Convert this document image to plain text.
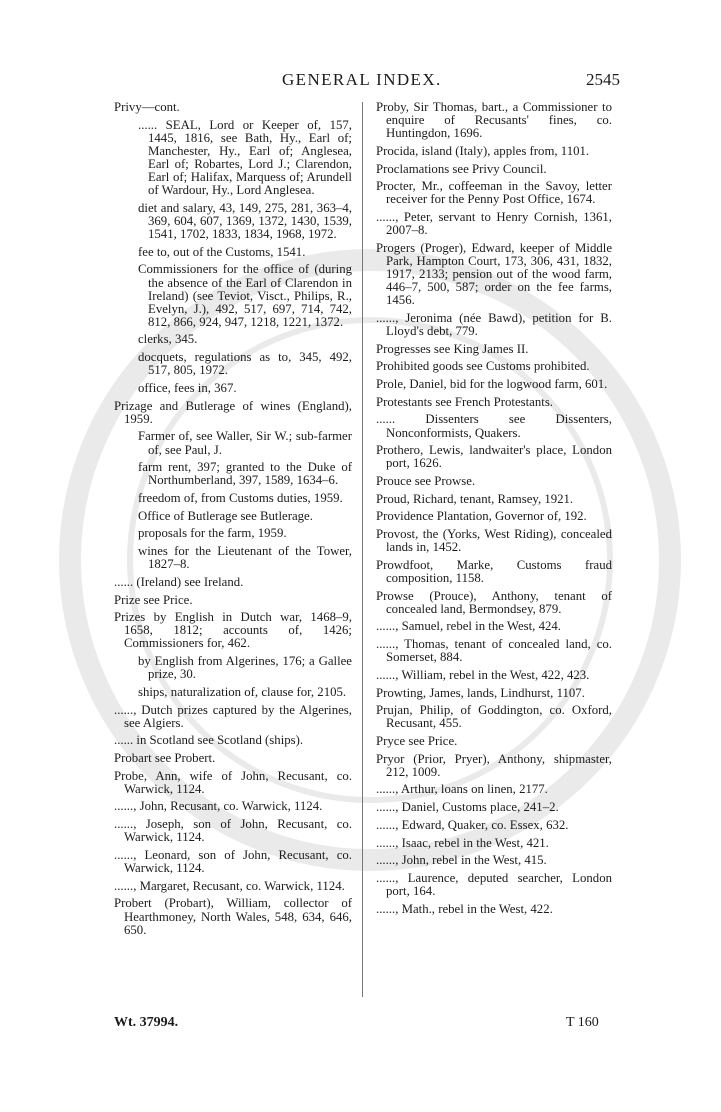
GENERAL INDEX.	2545

Privy—cont.

...... SEAL, Lord or Keeper of, 157, 1445, 1816, see Bath, Hy., Earl of; Manchester, Hy., Earl of; Anglesea, Earl of; Robartes, Lord J.; Clarendon, Earl of; Halifax, Marquess of; Arundell of Wardour, Hy., Lord Anglesea.

diet and salary, 43, 149, 275, 281, 363–4, 369, 604, 607, 1369, 1372, 1430, 1539, 1541, 1702, 1833, 1834, 1968, 1972.

fee to, out of the Customs, 1541.

Commissioners for the office of (during the absence of the Earl of Clarendon in Ireland) (see Teviot, Visct., Philips, R., Evelyn, J.), 492, 517, 697, 714, 742, 812, 866, 924, 947, 1218, 1221, 1372.

clerks, 345.

docquets, regulations as to, 345, 492, 517, 805, 1972.

office, fees in, 367.

Prizage and Butlerage of wines (England), 1959.

Farmer of, see Waller, Sir W.; sub-farmer of, see Paul, J.

farm rent, 397; granted to the Duke of Northumberland, 397, 1589, 1634–6.

freedom of, from Customs duties, 1959.

Office of Butlerage see Butlerage.

proposals for the farm, 1959.

wines for the Lieutenant of the Tower, 1827–8.

...... (Ireland) see Ireland.

Prize see Price.

Prizes by English in Dutch war, 1468–9, 1658, 1812; accounts of, 1426; Commissioners for, 462.

by English from Algerines, 176; a Gallee prize, 30.

ships, naturalization of, clause for, 2105.

......, Dutch prizes captured by the Algerines, see Algiers.

...... in Scotland see Scotland (ships).

Probart see Probert.

Probe, Ann, wife of John, Recusant, co. Warwick, 1124.

......, John, Recusant, co. Warwick, 1124.

......, Joseph, son of John, Recusant, co. Warwick, 1124.

......, Leonard, son of John, Recusant, co. Warwick, 1124.

......, Margaret, Recusant, co. Warwick, 1124.

Probert (Probart), William, collector of Hearthmoney, North Wales, 548, 634, 646, 650.

Proby, Sir Thomas, bart., a Commissioner to enquire of Recusants' fines, co. Huntingdon, 1696.

Procida, island (Italy), apples from, 1101.

Proclamations see Privy Council.

Procter, Mr., coffeeman in the Savoy, letter receiver for the Penny Post Office, 1674.

......, Peter, servant to Henry Cornish, 1361, 2007–8.

Progers (Proger), Edward, keeper of Middle Park, Hampton Court, 173, 306, 431, 1832, 1917, 2133; pension out of the wood farm, 446–7, 500, 587; order on the fee farms, 1456.

......, Jeronima (née Bawd), petition for B. Lloyd's debt, 779.

Progresses see King James II.

Prohibited goods see Customs prohibited.

Prole, Daniel, bid for the logwood farm, 601.

Protestants see French Protestants.

...... Dissenters see Dissenters, Nonconformists, Quakers.

Prothero, Lewis, landwaiter's place, London port, 1626.

Prouce see Prowse.

Proud, Richard, tenant, Ramsey, 1921.

Providence Plantation, Governor of, 192.

Provost, the (Yorks, West Riding), concealed lands in, 1452.

Prowdfoot, Marke, Customs fraud composition, 1158.

Prowse (Prouce), Anthony, tenant of concealed land, Bermondsey, 879.

......, Samuel, rebel in the West, 424.

......, Thomas, tenant of concealed land, co. Somerset, 884.

......, William, rebel in the West, 422, 423.

Prowting, James, lands, Lindhurst, 1107.

Prujan, Philip, of Goddington, co. Oxford, Recusant, 455.

Pryce see Price.

Pryor (Prior, Pryer), Anthony, shipmaster, 212, 1009.

......, Arthur, loans on linen, 2177.

......, Daniel, Customs place, 241–2.

......, Edward, Quaker, co. Essex, 632.

......, Isaac, rebel in the West, 421.

......, John, rebel in the West, 415.

......, Laurence, deputed searcher, London port, 164.

......, Math., rebel in the West, 422.

Wt. 37994.	T 160
